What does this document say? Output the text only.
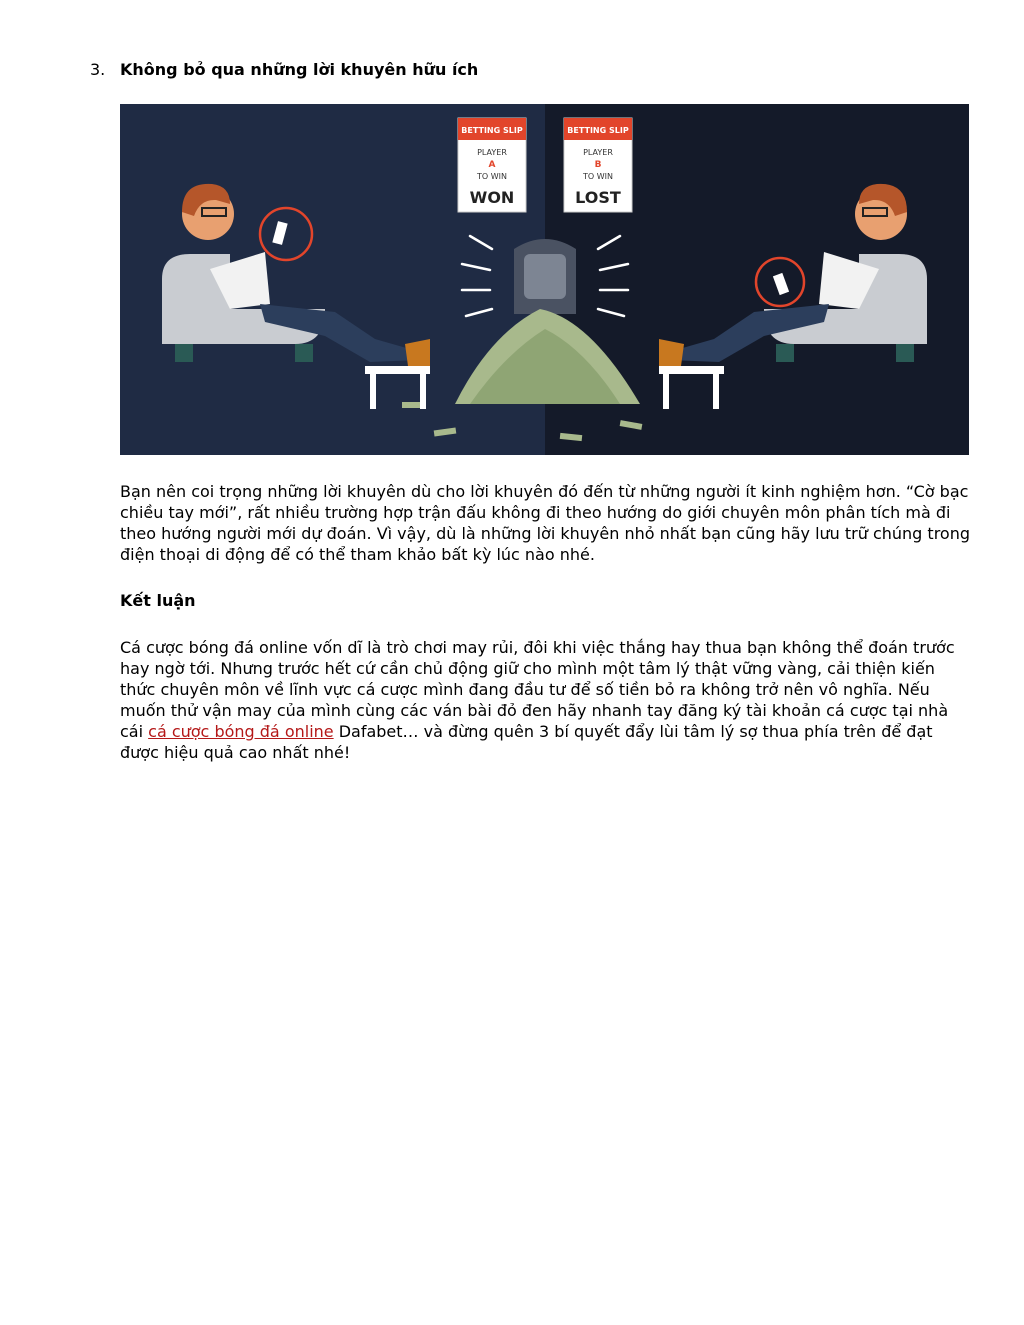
3. Không bỏ qua những lời khuyên hữu ích
BETTING SLIP
PLAYER
A
TO WIN
WON
BETTING SLIP
PLAYER
B
TO WIN
LOST

Bạn nên coi trọng những lời khuyên dù cho lời khuyên đó đến từ những người ít kinh nghiệm hơn. “Cờ bạc chiều tay mới”, rất nhiều trường hợp trận đấu không đi theo hướng do giới chuyên môn phân tích mà đi theo hướng người mới dự đoán. Vì vậy, dù là những lời khuyên nhỏ nhất bạn cũng hãy lưu trữ chúng trong điện thoại di động để có thể tham khảo bất kỳ lúc nào nhé.

Kết luận

Cá cược bóng đá online vốn dĩ là trò chơi may rủi, đôi khi việc thắng hay thua bạn không thể đoán trước hay ngờ tới. Nhưng trước hết cứ cần chủ động giữ cho mình một tâm lý thật vững vàng, cải thiện kiến thức chuyên môn về lĩnh vực cá cược mình đang đầu tư để số tiền bỏ ra không trở nên vô nghĩa. Nếu muốn thử vận may của mình cùng các ván bài đỏ đen hãy nhanh tay đăng ký tài khoản cá cược tại nhà cái cá cược bóng đá online Dafabet… và đừng quên 3 bí quyết đẩy lùi tâm lý sợ thua phía trên để đạt được hiệu quả cao nhất nhé!
